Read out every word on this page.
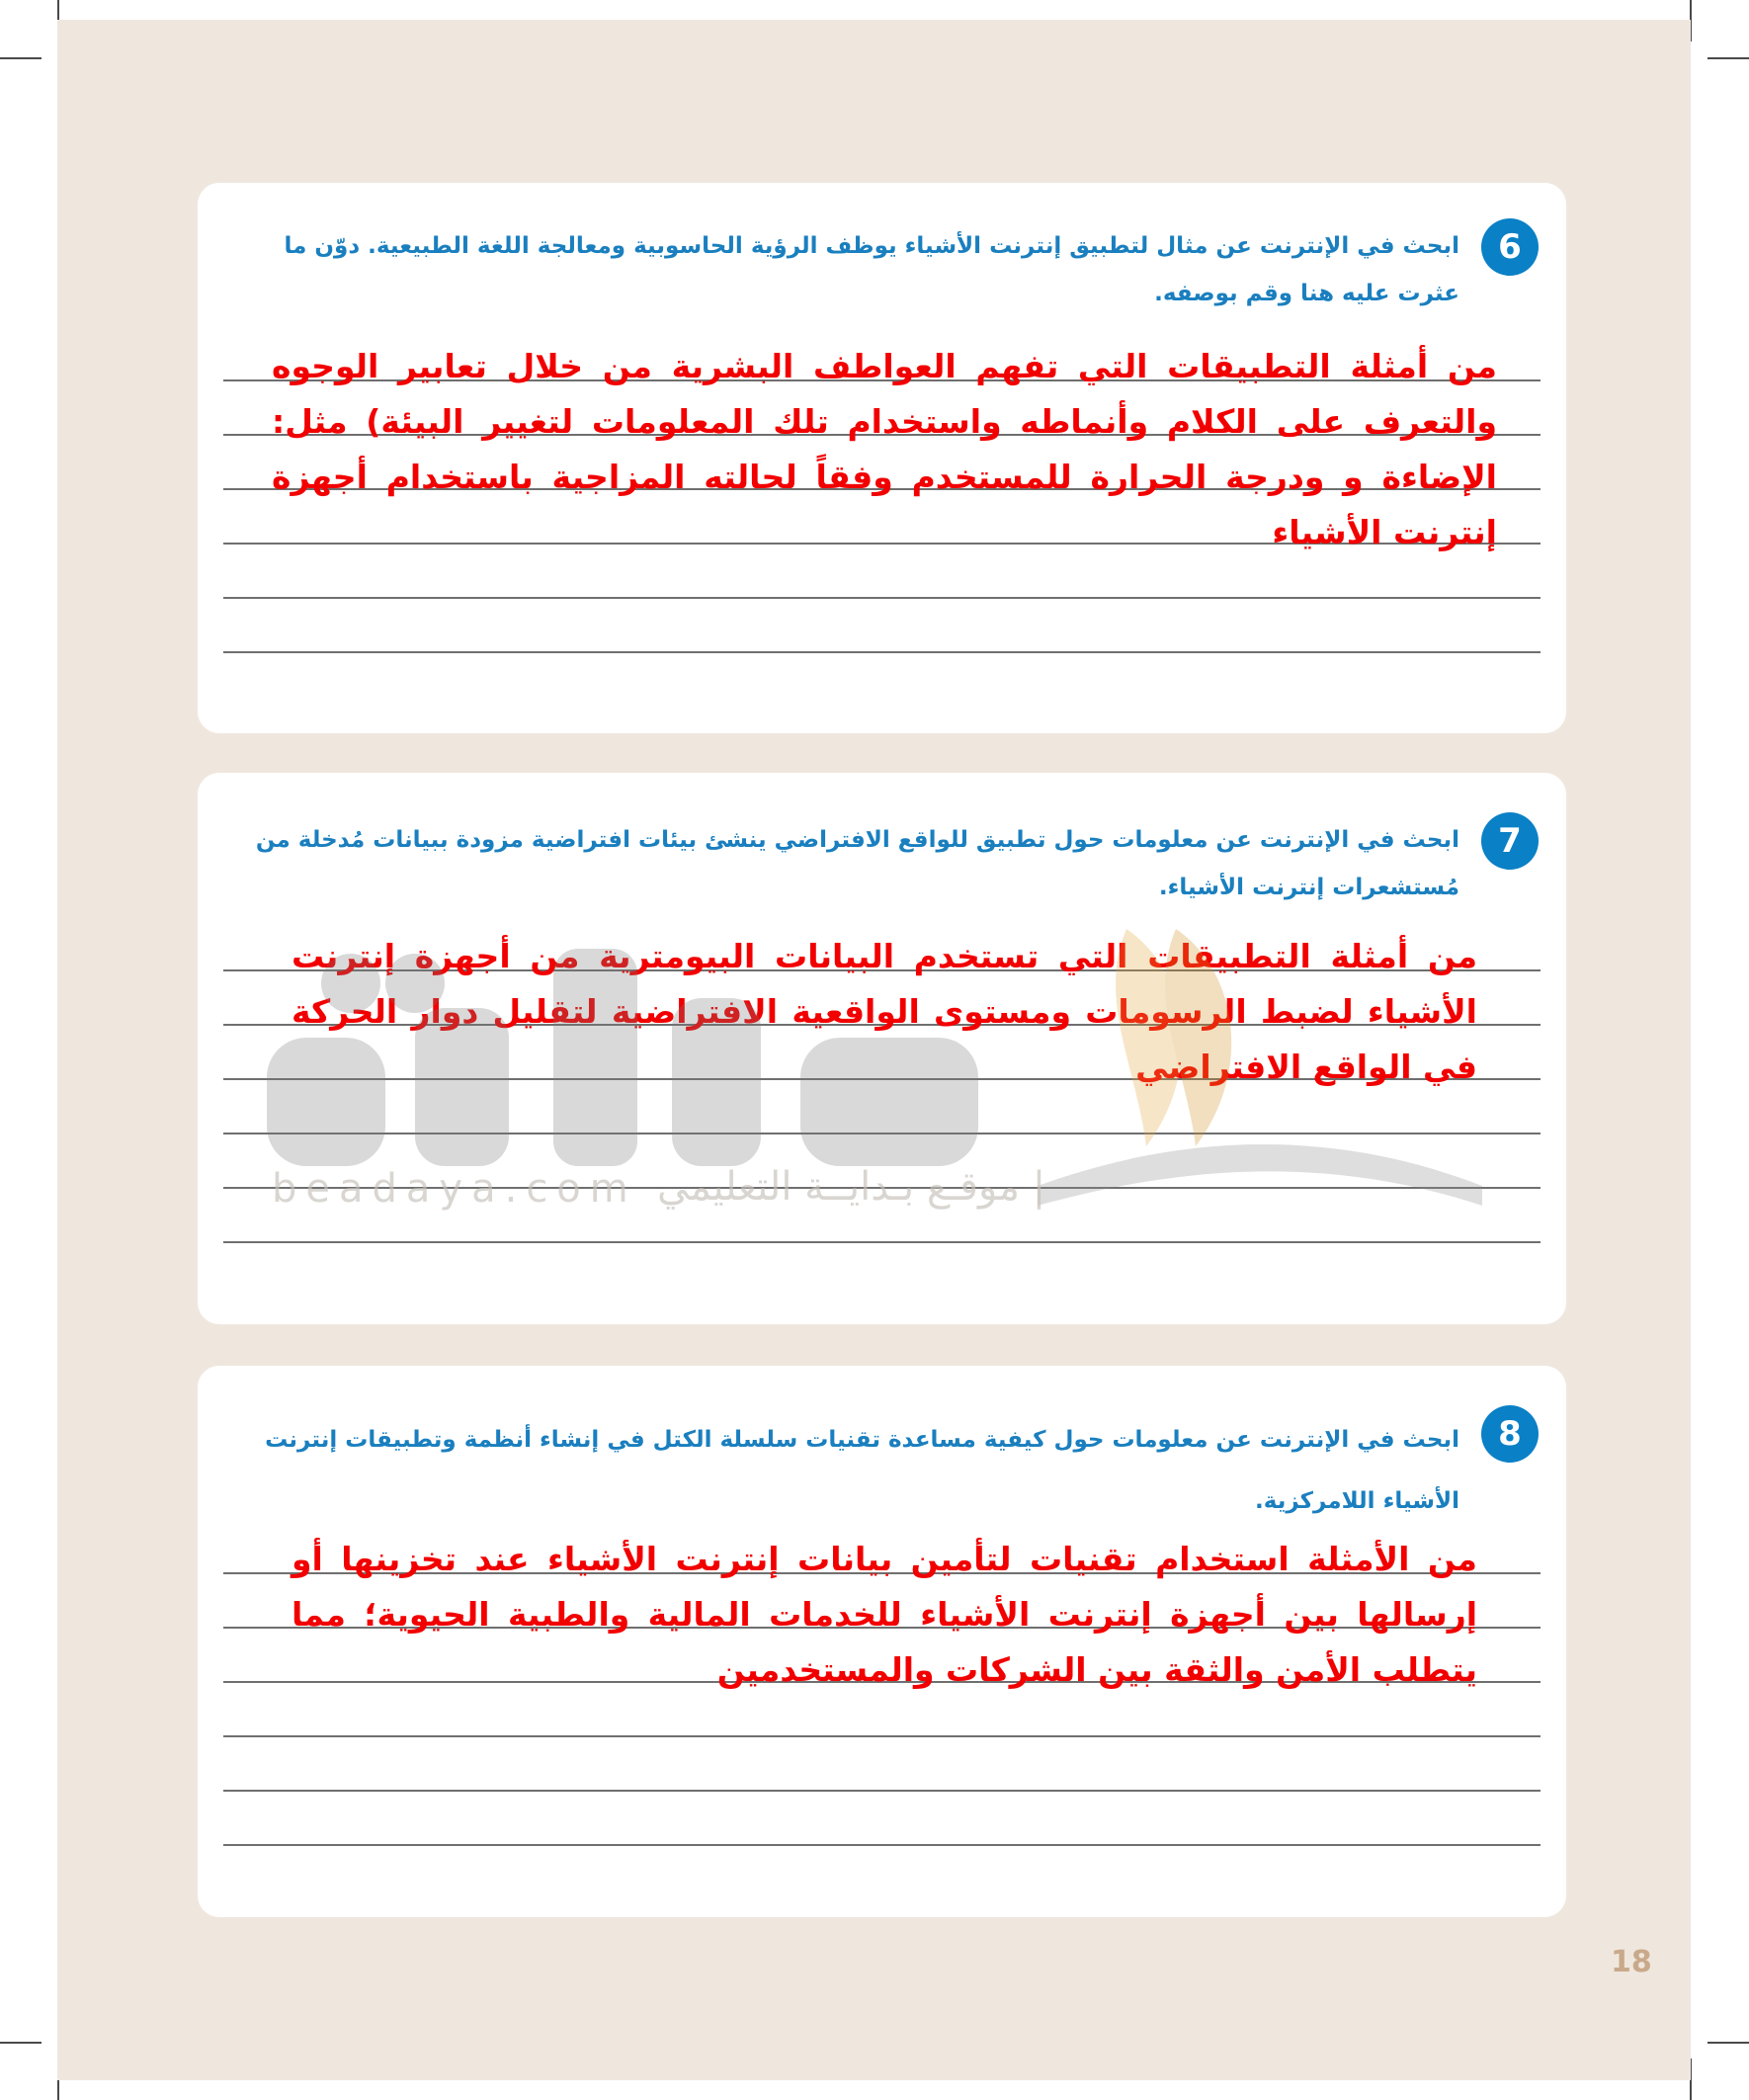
6
ابحث في الإنترنت عن مثال لتطبيق إنترنت الأشياء يوظف الرؤية الحاسوبية ومعالجة اللغة الطبيعية. دوّن ما عثرت عليه هنا وقم بوصفه.
من أمثلة التطبيقات التي تفهم العواطف البشرية من خلال تعابير الوجوه والتعرف على الكلام وأنماطه واستخدام تلك المعلومات لتغيير البيئة) مثل: الإضاءة و ودرجة الحرارة للمستخدم وفقاً لحالته المزاجية باستخدام أجهزة إنترنت الأشياء
7
ابحث في الإنترنت عن معلومات حول تطبيق للواقع الافتراضي ينشئ بيئات افتراضية مزودة ببيانات مُدخلة من مُستشعرات إنترنت الأشياء.
من أمثلة التطبيقات التي تستخدم البيانات البيومترية من أجهزة إنترنت الأشياء لضبط الرسومات ومستوى الواقعية الافتراضية لتقليل دوار الحركة في الواقع الافتراضي
8
ابحث في الإنترنت عن معلومات حول كيفية مساعدة تقنيات سلسلة الكتل في إنشاء أنظمة وتطبيقات إنترنت الأشياء اللامركزية.
من الأمثلة استخدام تقنيات لتأمين بيانات إنترنت الأشياء عند تخزينها أو إرسالها بين أجهزة إنترنت الأشياء للخدمات المالية والطبية الحيوية؛ مما يتطلب الأمن والثقة بين الشركات والمستخدمين
beadaya.com	| موقـع بـدايــة التعليمي
18
